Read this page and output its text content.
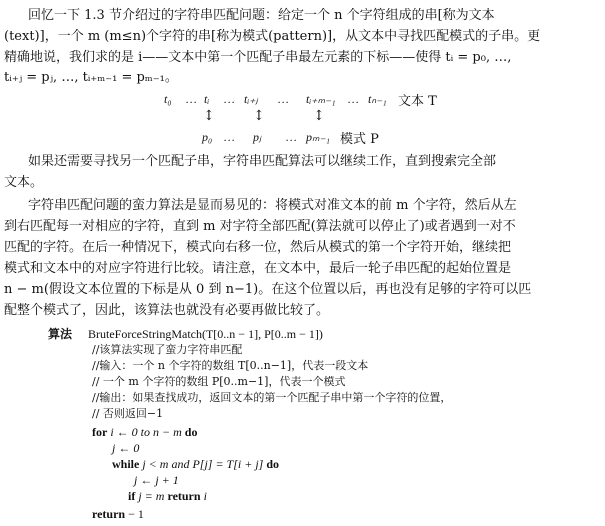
回忆一下 1.3 节介绍过的字符串匹配问题：给定一个 n 个字符组成的串[称为文本
(text)]，一个 m (m≤n)个字符的串[称为模式(pattern)]，从文本中寻找匹配模式的子串。更
精确地说，我们求的是 i——文本中第一个匹配子串最左元素的下标——使得 tᵢ = p₀, …,
tᵢ₊ⱼ = pⱼ, …, tᵢ₊ₘ₋₁ = pₘ₋₁。
t₀ … tᵢ … tᵢ₊ⱼ … tᵢ₊ₘ₋₁ … tₙ₋₁ 文本 T
↕	↕	↕
p₀ … pⱼ … pₘ₋₁ 模式 P
如果还需要寻找另一个匹配子串，字符串匹配算法可以继续工作，直到搜索完全部
文本。
字符串匹配问题的蛮力算法是显而易见的：将模式对准文本的前 m 个字符，然后从左
到右匹配每一对相应的字符，直到 m 对字符全部匹配(算法就可以停止了)或者遇到一对不
匹配的字符。在后一种情况下，模式向右移一位，然后从模式的第一个字符开始，继续把
模式和文本中的对应字符进行比较。请注意，在文本中，最后一轮子串匹配的起始位置是
n − m(假设文本位置的下标是从 0 到 n−1)。在这个位置以后，再也没有足够的字符可以匹
配整个模式了，因此，该算法也就没有必要再做比较了。
算法 BruteForceStringMatch(T[0..n − 1], P[0..m − 1])
//该算法实现了蛮力字符串匹配
//输入：一个 n 个字符的数组 T[0..n−1]，代表一段文本
// 一个 m 个字符的数组 P[0..m−1]，代表一个模式
//输出：如果查找成功，返回文本的第一个匹配子串中第一个字符的位置，
// 否则返回−1
for i ← 0 to n − m do
j ← 0
while j < m and P[j] = T[i + j] do
j ← j + 1
if j = m return i
return − 1
